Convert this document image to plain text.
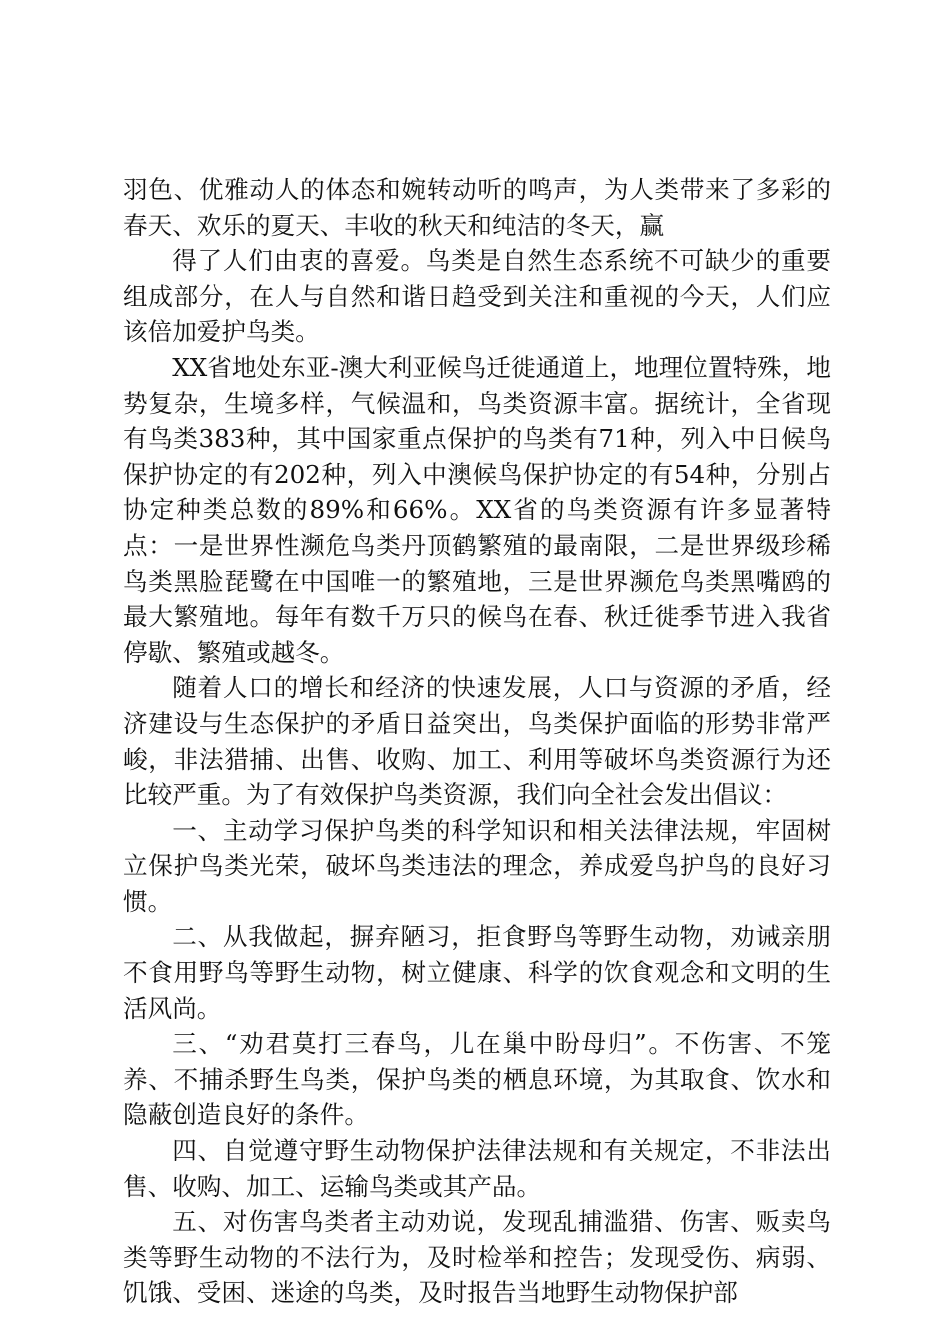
羽色、优雅动人的体态和婉转动听的鸣声，为人类带来了多彩的春天、欢乐的夏天、丰收的秋天和纯洁的冬天，赢

得了人们由衷的喜爱。鸟类是自然生态系统不可缺少的重要组成部分，在人与自然和谐日趋受到关注和重视的今天，人们应该倍加爱护鸟类。

XX省地处东亚-澳大利亚候鸟迁徙通道上，地理位置特殊，地势复杂，生境多样，气候温和，鸟类资源丰富。据统计，全省现有鸟类383种，其中国家重点保护的鸟类有71种，列入中日候鸟保护协定的有202种，列入中澳候鸟保护协定的有54种，分别占协定种类总数的89%和66%。XX省的鸟类资源有许多显著特点：一是世界性濒危鸟类丹顶鹤繁殖的最南限，二是世界级珍稀鸟类黑脸琵鹭在中国唯一的繁殖地，三是世界濒危鸟类黑嘴鸥的最大繁殖地。每年有数千万只的候鸟在春、秋迁徙季节进入我省停歇、繁殖或越冬。

随着人口的增长和经济的快速发展，人口与资源的矛盾，经济建设与生态保护的矛盾日益突出，鸟类保护面临的形势非常严峻，非法猎捕、出售、收购、加工、利用等破坏鸟类资源行为还比较严重。为了有效保护鸟类资源，我们向全社会发出倡议：

一、主动学习保护鸟类的科学知识和相关法律法规，牢固树立保护鸟类光荣，破坏鸟类违法的理念，养成爱鸟护鸟的良好习惯。

二、从我做起，摒弃陋习，拒食野鸟等野生动物，劝诫亲朋不食用野鸟等野生动物，树立健康、科学的饮食观念和文明的生活风尚。

三、“劝君莫打三春鸟，儿在巢中盼母归”。不伤害、不笼养、不捕杀野生鸟类，保护鸟类的栖息环境，为其取食、饮水和隐蔽创造良好的条件。

四、自觉遵守野生动物保护法律法规和有关规定，不非法出售、收购、加工、运输鸟类或其产品。

五、对伤害鸟类者主动劝说，发现乱捕滥猎、伤害、贩卖鸟类等野生动物的不法行为，及时检举和控告；发现受伤、病弱、饥饿、受困、迷途的鸟类，及时报告当地野生动物保护部
